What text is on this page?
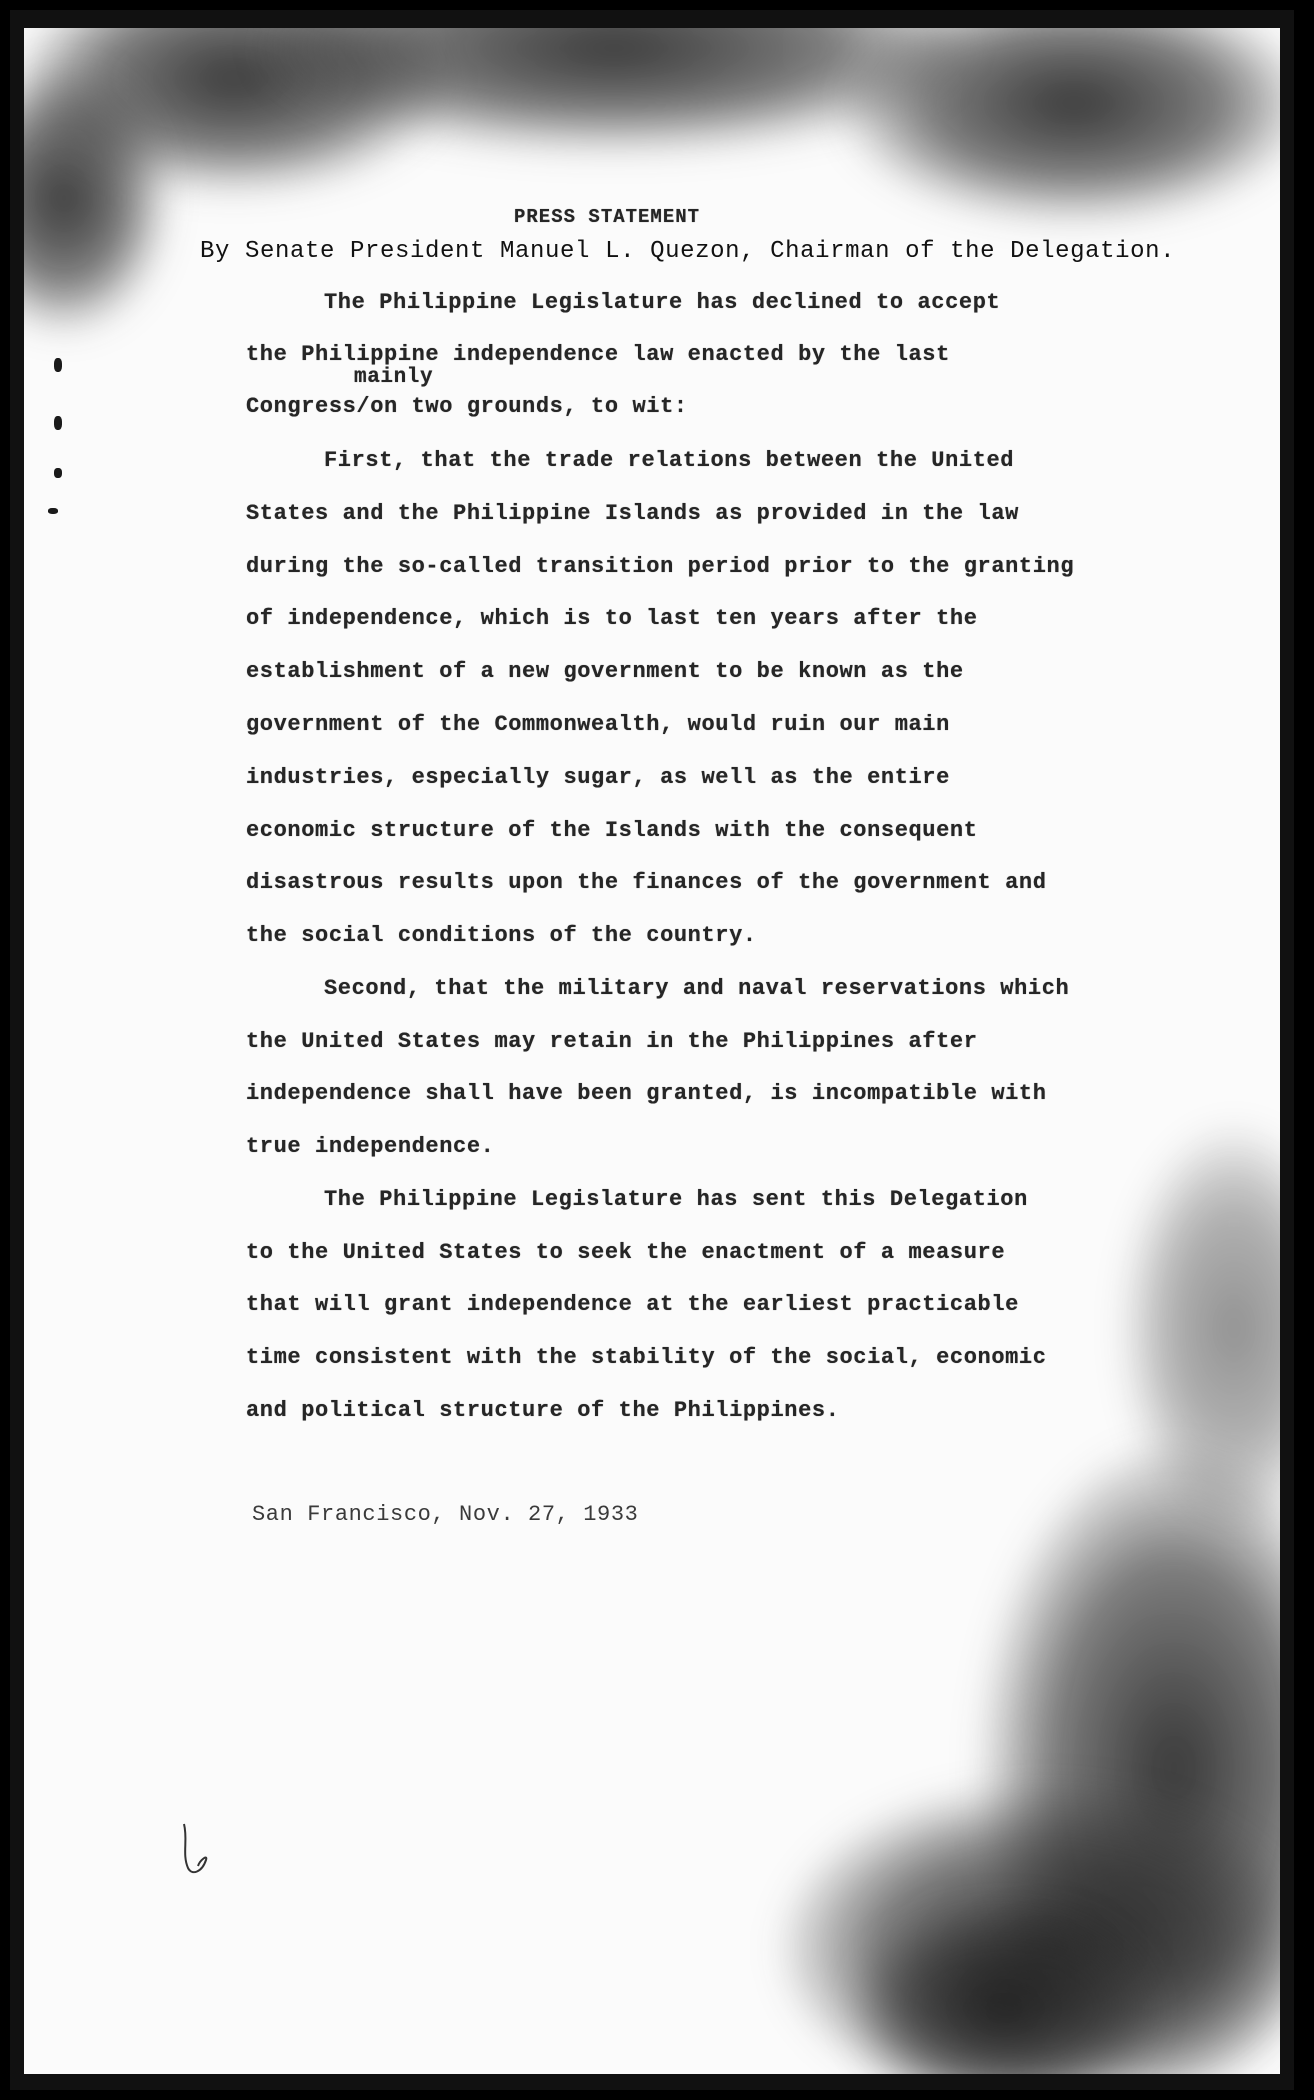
PRESS STATEMENT
By Senate President Manuel L. Quezon, Chairman of the Delegation.
mainly
The Philippine Legislature has declined to accept
the Philippine independence law enacted by the last
Congress/on two grounds, to wit:
First, that the trade relations between the United
States and the Philippine Islands as provided in the law
during the so-called transition period prior to the granting
of independence, which is to last ten years after the
establishment of a new government to be known as the
government of the Commonwealth, would ruin our main
industries, especially sugar, as well as the entire
economic structure of the Islands with the consequent
disastrous results upon the finances of the government and
the social conditions of the country.
Second, that the military and naval reservations which
the United States may retain in the Philippines after
independence shall have been granted, is incompatible with
true independence.
The Philippine Legislature has sent this Delegation
to the United States to seek the enactment of a measure
that will grant independence at the earliest practicable
time consistent with the stability of the social, economic
and political structure of the Philippines.
San Francisco, Nov. 27, 1933
